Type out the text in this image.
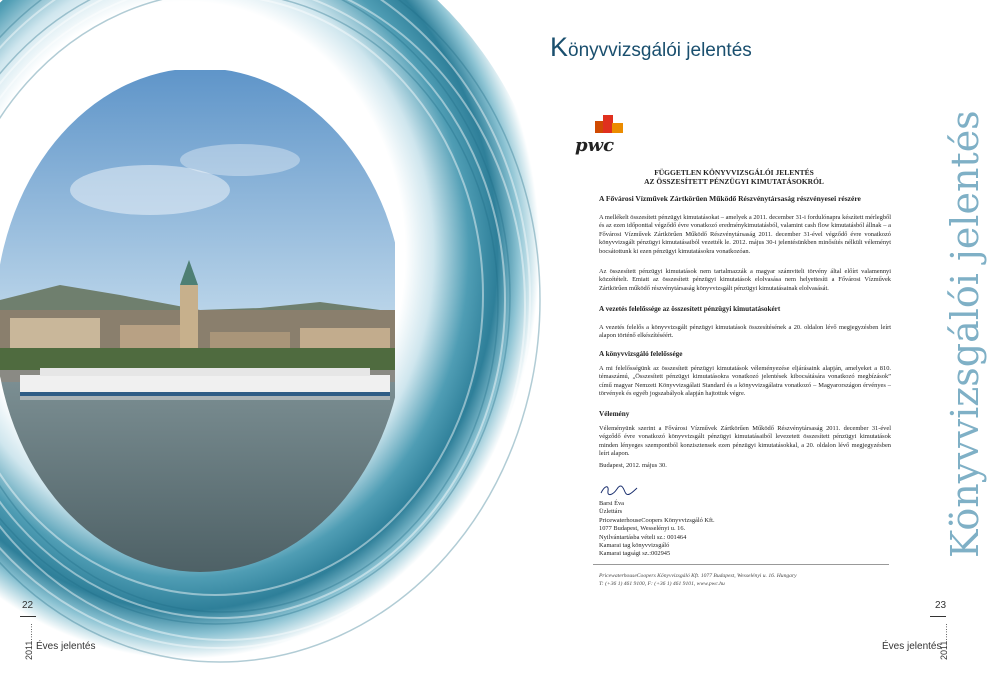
Könyvvizsgálói jelentés
Könyvvizsgálói jelentés
pwc
FÜGGETLEN KÖNYVVIZSGÁLÓI JELENTÉS
AZ ÖSSZESÍTETT PÉNZÜGYI KIMUTATÁSOKRÓL
A Fővárosi Vízművek Zártkörűen Működő Részvénytársaság részvényesei részére
A mellékelt összesített pénzügyi kimutatásokat – amelyek a 2011. december 31-i fordulónapra készített mérlegből és az ezen időponttal végződő évre vonatkozó eredménykimutatásból, valamint cash flow kimutatásból állnak – a Fővárosi Vízművek Zártkörűen Működő Részvénytársaság 2011. december 31-ével végződő évre vonatkozó könyvvizsgált pénzügyi kimutatásaiból vezették le. 2012. május 30-i jelentésünkben minősítés nélküli véleményt bocsátottunk ki ezen pénzügyi kimutatásokra vonatkozóan.
Az összesített pénzügyi kimutatások nem tartalmazzák a magyar számviteli törvény által előírt valamennyi közzétételt. Emiatt az összesített pénzügyi kimutatások elolvasása nem helyettesíti a Fővárosi Vízművek Zártkörűen működő részvénytársaság könyvvizsgált pénzügyi kimutatásainak elolvasását.
A vezetés felelőssége az összesített pénzügyi kimutatásokért
A vezetés felelős a könyvvizsgált pénzügyi kimutatások összesítésének a 20. oldalon lévő megjegyzésben leírt alapon történő elkészítéséért.
A könyvvizsgáló felelőssége
A mi felelősségünk az összesített pénzügyi kimutatások véleményezése eljárásaink alapján, amelyeket a 810. témaszámú, „Összesített pénzügyi kimutatásokra vonatkozó jelentések kibocsátására vonatkozó megbízások” című magyar Nemzeti Könyvvizsgálati Standard és a könyvvizsgálatra vonatkozó – Magyarországon érvényes – törvények és egyéb jogszabályok alapján hajtottuk végre.
Vélemény
Véleményünk szerint a Fővárosi Vízművek Zártkörűen Működő Részvénytársaság 2011. december 31-ével végződő évre vonatkozó könyvvizsgált pénzügyi kimutatásaiból levezetett összesített pénzügyi kimutatások minden lényeges szempontból konzisztensek ezen pénzügyi kimutatásokkal, a 20. oldalon lévő megjegyzésben leírt alapon.
Budapest, 2012. május 30.
Barsi Éva
Üzlettárs
PricewaterhouseCoopers Könyvvizsgáló Kft.
1077 Budapest, Wesselényi u. 16.
Nyilvántartásba vételi sz.: 001464
Kamarai tag könyvvizsgáló
Kamarai tagsági sz.:002945
PricewaterhouseCoopers Könyvvizsgáló Kft. 1077 Budapest, Wesselényi u. 16. Hungary
T: (+36 1) 461 9100, F: (+36 1) 461 9101, www.pwc.hu
22
2011....... Éves jelentés
23
2011.......
Éves jelentés
